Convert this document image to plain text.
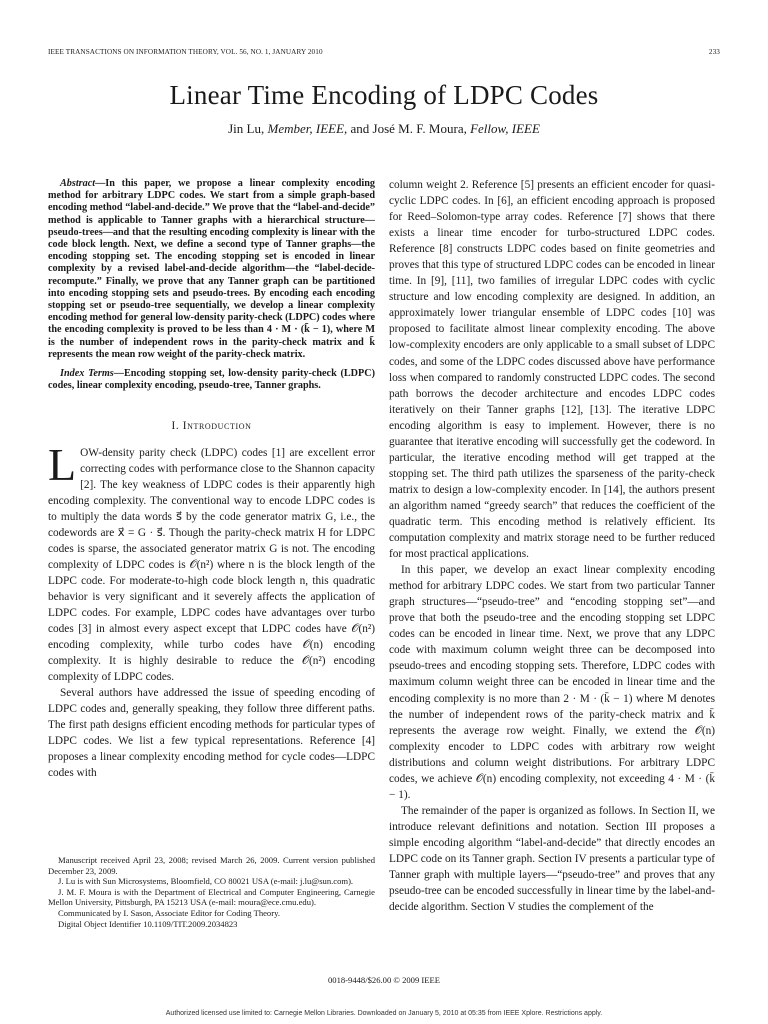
IEEE TRANSACTIONS ON INFORMATION THEORY, VOL. 56, NO. 1, JANUARY 2010	233
Linear Time Encoding of LDPC Codes
Jin Lu, Member, IEEE, and José M. F. Moura, Fellow, IEEE

Abstract—In this paper, we propose a linear complexity encoding method for arbitrary LDPC codes. We start from a simple graph-based encoding method “label-and-decide.” We prove that the “label-and-decide” method is applicable to Tanner graphs with a hierarchical structure—pseudo-trees—and that the resulting encoding complexity is linear with the code block length. Next, we define a second type of Tanner graphs—the encoding stopping set. The encoding stopping set is encoded in linear complexity by a revised label-and-decide algorithm—the “label-decide-recompute.” Finally, we prove that any Tanner graph can be partitioned into encoding stopping sets and pseudo-trees. By encoding each encoding stopping set or pseudo-tree sequentially, we develop a linear complexity encoding method for general low-density parity-check (LDPC) codes where the encoding complexity is proved to be less than 4 · M · (k̄ − 1), where M is the number of independent rows in the parity-check matrix and k̄ represents the mean row weight of the parity-check matrix.

Index Terms—Encoding stopping set, low-density parity-check (LDPC) codes, linear complexity encoding, pseudo-tree, Tanner graphs.

I. Introduction

LOW-density parity check (LDPC) codes [1] are excellent error correcting codes with performance close to the Shannon capacity [2]. The key weakness of LDPC codes is their apparently high encoding complexity. The conventional way to encode LDPC codes is to multiply the data words s⃗ by the code generator matrix G, i.e., the codewords are x⃗ = G · s⃗. Though the parity-check matrix H for LDPC codes is sparse, the associated generator matrix G is not. The encoding complexity of LDPC codes is 𝒪(n²) where n is the block length of the LDPC code. For moderate-to-high code block length n, this quadratic behavior is very significant and it severely affects the application of LDPC codes. For example, LDPC codes have advantages over turbo codes [3] in almost every aspect except that LDPC codes have 𝒪(n²) encoding complexity, while turbo codes have 𝒪(n) encoding complexity. It is highly desirable to reduce the 𝒪(n²) encoding complexity of LDPC codes.

Several authors have addressed the issue of speeding encoding of LDPC codes and, generally speaking, they follow three different paths. The first path designs efficient encoding methods for particular types of LDPC codes. We list a few typical representations. Reference [4] proposes a linear complexity encoding method for cycle codes—LDPC codes with

Manuscript received April 23, 2008; revised March 26, 2009. Current version published December 23, 2009.

J. Lu is with Sun Microsystems, Bloomfield, CO 80021 USA (e-mail: j.lu@sun.com).

J. M. F. Moura is with the Department of Electrical and Computer Engineering, Carnegie Mellon University, Pittsburgh, PA 15213 USA (e-mail: moura@ece.cmu.edu).

Communicated by I. Sason, Associate Editor for Coding Theory.

Digital Object Identifier 10.1109/TIT.2009.2034823

column weight 2. Reference [5] presents an efficient encoder for quasi-cyclic LDPC codes. In [6], an efficient encoding approach is proposed for Reed–Solomon-type array codes. Reference [7] shows that there exists a linear time encoder for turbo-structured LDPC codes. Reference [8] constructs LDPC codes based on finite geometries and proves that this type of structured LDPC codes can be encoded in linear time. In [9], [11], two families of irregular LDPC codes with cyclic structure and low encoding complexity are designed. In addition, an approximately lower triangular ensemble of LDPC codes [10] was proposed to facilitate almost linear complexity encoding. The above low-complexity encoders are only applicable to a small subset of LDPC codes, and some of the LDPC codes discussed above have performance loss when compared to randomly constructed LDPC codes. The second path borrows the decoder architecture and encodes LDPC codes iteratively on their Tanner graphs [12], [13]. The iterative LDPC encoding algorithm is easy to implement. However, there is no guarantee that iterative encoding will successfully get the codeword. In particular, the iterative encoding method will get trapped at the stopping set. The third path utilizes the sparseness of the parity-check matrix to design a low-complexity encoder. In [14], the authors present an algorithm named “greedy search” that reduces the coefficient of the quadratic term. This encoding method is relatively efficient. Its computation complexity and matrix storage need to be further reduced for most practical applications.

In this paper, we develop an exact linear complexity encoding method for arbitrary LDPC codes. We start from two particular Tanner graph structures—“pseudo-tree” and “encoding stopping set”—and prove that both the pseudo-tree and the encoding stopping set LDPC codes can be encoded in linear time. Next, we prove that any LDPC code with maximum column weight three can be decomposed into pseudo-trees and encoding stopping sets. Therefore, LDPC codes with maximum column weight three can be encoded in linear time and the encoding complexity is no more than 2 · M · (k̄ − 1) where M denotes the number of independent rows of the parity-check matrix and k̄ represents the average row weight. Finally, we extend the 𝒪(n) complexity encoder to LDPC codes with arbitrary row weight distributions and column weight distributions. For arbitrary LDPC codes, we achieve 𝒪(n) encoding complexity, not exceeding 4 · M · (k̄ − 1).

The remainder of the paper is organized as follows. In Section II, we introduce relevant definitions and notation. Section III proposes a simple encoding algorithm “label-and-decide” that directly encodes an LDPC code on its Tanner graph. Section IV presents a particular type of Tanner graph with multiple layers—“pseudo-tree” and proves that any pseudo-tree can be encoded successfully in linear time by the label-and-decide algorithm. Section V studies the complement of the

0018-9448/$26.00 © 2009 IEEE
Authorized licensed use limited to: Carnegie Mellon Libraries. Downloaded on January 5, 2010 at 05:35 from IEEE Xplore. Restrictions apply.
